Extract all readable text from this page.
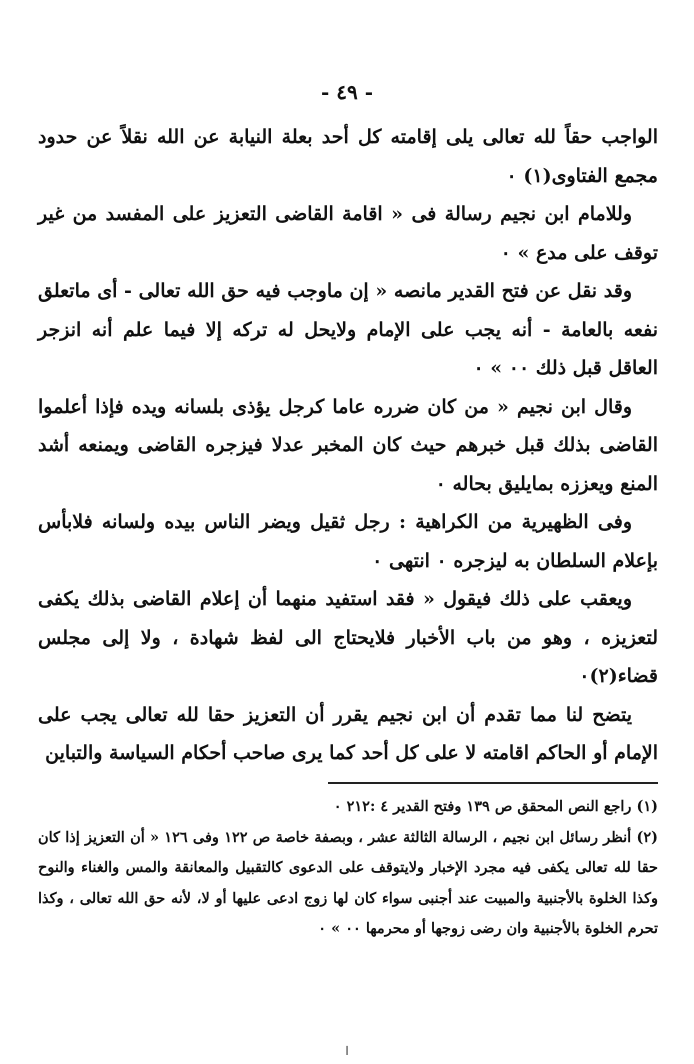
- ٤٩ -

الواجب حقاً لله تعالى يلى إقامته كل أحد بعلة النيابة عن الله نقلاً عن حدود مجمع الفتاوى(١) ٠

وللامام ابن نجيم رسالة فى « اقامة القاضى التعزيز على المفسد من غير توقف على مدع » ٠

وقد نقل عن فتح القدير مانصه « إن ماوجب فيه حق الله تعالى - أى ماتعلق نفعه بالعامة - أنه يجب على الإمام ولايحل له تركه إلا فيما علم أنه انزجر العاقل قبل ذلك ٠٠ » ٠

وقال ابن نجيم « من كان ضرره عاما كرجل يؤذى بلسانه ويده فإذا أعلموا القاضى بذلك قبل خبرهم حيث كان المخبر عدلا فيزجره القاضى ويمنعه أشد المنع ويعززه بمايليق بحاله ٠

وفى الظهيرية من الكراهية : رجل ثقيل ويضر الناس بيده ولسانه فلابأس بإعلام السلطان به ليزجره ٠ انتهى ٠

ويعقب على ذلك فيقول « فقد استفيد منهما أن إعلام القاضى بذلك يكفى لتعزيزه ، وهو من باب الأخبار فلايحتاج الى لفظ شهادة ، ولا إلى مجلس قضاء(٢)٠

يتضح لنا مما تقدم أن ابن نجيم يقرر أن التعزيز حقا لله تعالى يجب على الإمام أو الحاكم اقامته لا على كل أحد كما يرى صاحب أحكام السياسة والتباين

(١) راجع النص المحقق ص ١٣٩ وفتح القدير ٤ :٢١٢ ٠

(٢) أنظر رسائل ابن نجيم ، الرسالة الثالثة عشر ، وبصفة خاصة ص ١٢٢ وفى ١٢٦ « أن التعزيز إذا كان حقا لله تعالى يكفى فيه مجرد الإخبار ولايتوقف على الدعوى كالتقبيل والمعانقة والمس والغناء والنوح وكذا الخلوة بالأجنبية والمبيت عند أجنبى سواء كان لها زوج ادعى عليها أو لا، لأنه حق الله تعالى ، وكذا تحرم الخلوة بالأجنبية وان رضى زوجها أو محرمها ٠٠ » ٠

ا
